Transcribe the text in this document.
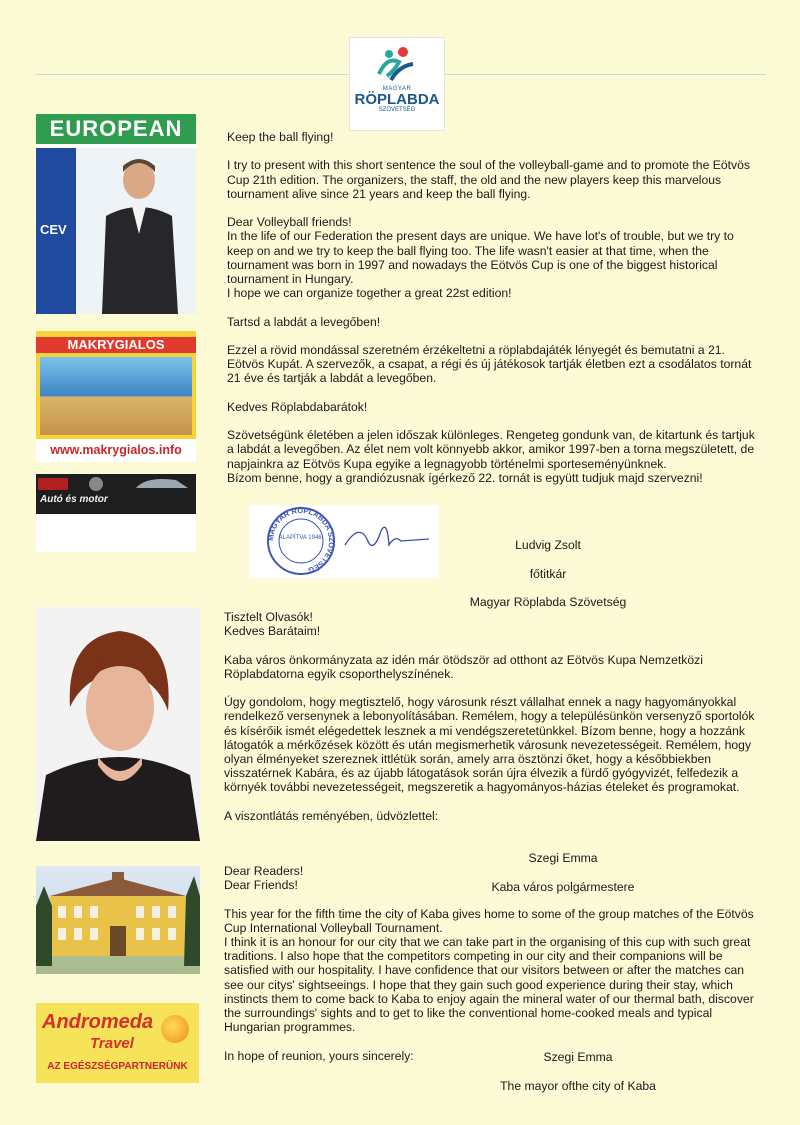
MAGYAR
RÖPLABDA
SZÖVETSÉG
EUROPEAN
CEV
MAKRYGIALOS
www.makrygialos.info
Autó és motor
Andromeda
Travel
AZ EGÉSZSÉGPARTNERÜNK

Keep the ball flying!

I try to present with this short sentence the soul of the volleyball-game and to promote the Eötvös Cup 21th edition. The organizers, the staff, the old and the new players keep this marvelous tournament alive since 21 years and keep the ball flying.

Dear Volleyball friends!
In the life of our Federation the present days are unique. We have lot's of trouble, but we try to keep on and we try to keep the ball flying too. The life wasn't easier at that time, when the tournament was born in 1997 and nowadays the Eötvös Cup is one of the biggest historical tournament in Hungary.
I hope we can organize together a great 22st edition!

Tartsd a labdát a levegőben!

Ezzel a rövid mondással szeretném érzékeltetni a röplabdajáték lényegét és bemutatni a 21. Eötvös Kupát. A szervezők, a csapat, a régi és új játékosok tartják életben ezt a csodálatos tornát 21 éve és tartják a labdát a levegőben.

Kedves Röplabdabarátok!

Szövetségünk életében a jelen időszak különleges. Rengeteg gondunk van, de kitartunk és tartjuk a labdát a levegőben. Az élet nem volt könnyebb akkor, amikor 1997-ben a torna megszületett, de napjainkra az Eötvös Kupa egyike a legnagyobb történelmi sporteseményünknek.
Bízom benne, hogy a grandiózusnak ígérkező 22. tornát is együtt tudjuk majd szervezni!

MAGYAR RÖPLABDA SZÖVETSÉG
ALAPÍTVA 1946.

Ludvig Zsolt

főtitkár

Magyar Röplabda Szövetség

Tisztelt Olvasók!
Kedves Barátaim!

Kaba város önkormányzata az idén már ötödször ad otthont az Eötvös Kupa Nemzetközi Röplabdatorna egyik csoporthelyszínének.

Úgy gondolom, hogy megtisztelő, hogy városunk részt vállalhat ennek a nagy hagyományokkal rendelkező versenynek a lebonyolításában. Remélem, hogy a településünkön versenyző sportolók és kísérőik ismét elégedettek lesznek a mi vendégszeretetünkkel. Bízom benne, hogy a hozzánk látogatók a mérkőzések között és után megismerhetik városunk nevezetességeit. Remélem, hogy olyan élményeket szereznek ittlétük során, amely arra ösztönzi őket, hogy a későbbiekben visszatérnek Kabára, és az újabb látogatások során újra élvezik a fürdő gyógyvizét, felfedezik a környék további nevezetességeit, megszeretik a hagyományos-házias ételeket és programokat.

A viszontlátás reményében, üdvözlettel:

Szegi Emma

Kaba város polgármestere

Dear Readers!
Dear Friends!

This year for the fifth time the city of Kaba gives home to some of the group matches of the Eötvös Cup International Volleyball Tournament.
I think it is an honour for our city that we can take part in the organising of this cup with such great traditions. I also hope that the competitors competing in our city and their companions will be satisfied with our hospitality. I have confidence that our visitors between or after the matches can see our citys' sightseeings. I hope that they gain such good experience during their stay, which instincts them to come back to Kaba to enjoy again the mineral water of our thermal bath, discover the surroundings' sights and to get to like the conventional home-cooked meals and typical Hungarian programmes.

In hope of reunion, yours sincerely:	Szegi Emma

The mayor ofthe city of Kaba
